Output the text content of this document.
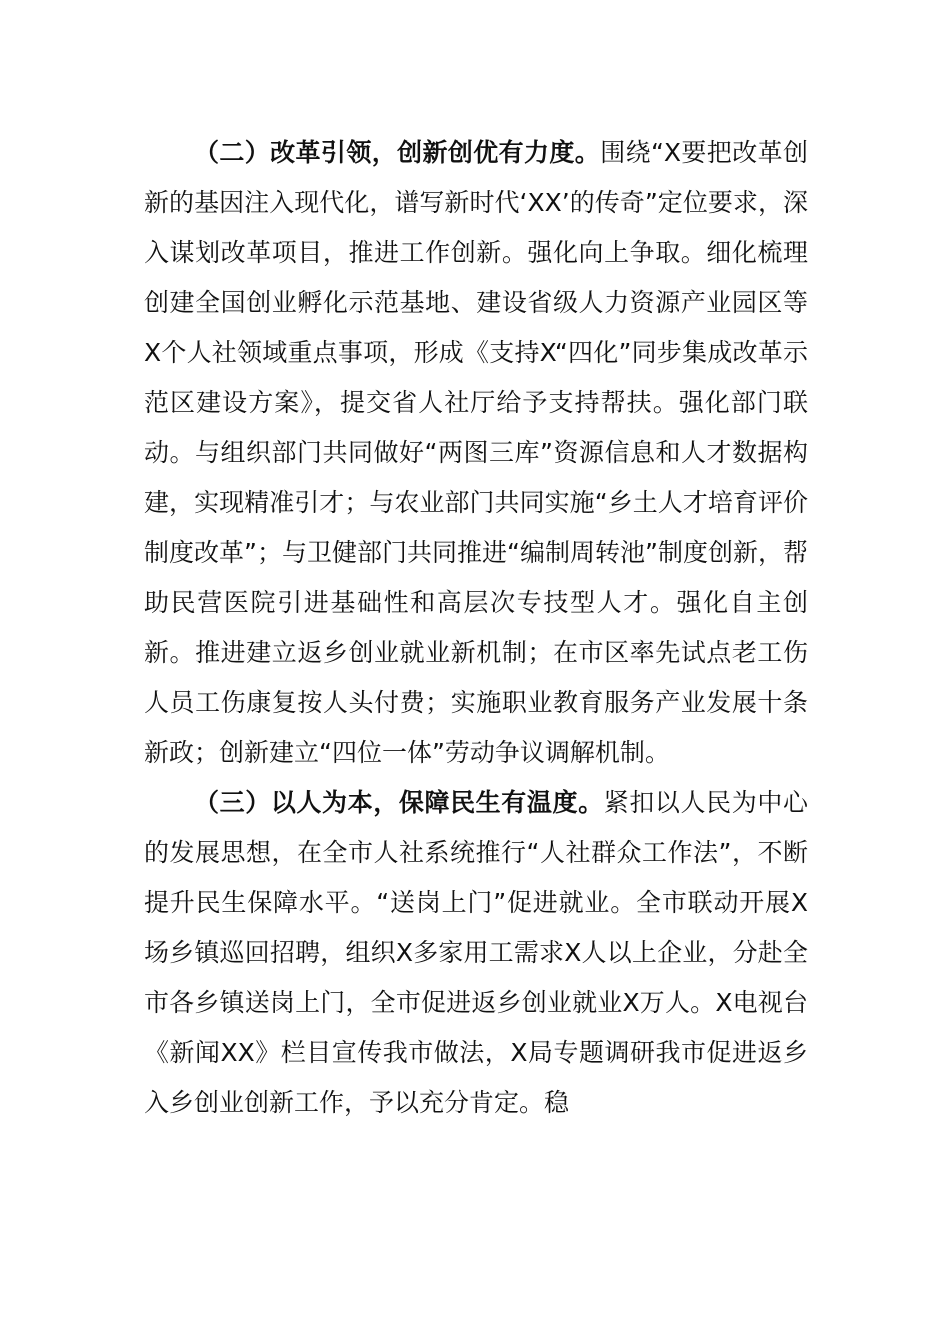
（二）改革引领，创新创优有力度。围绕“X要把改革创新的基因注入现代化，谱写新时代‘XX’的传奇”定位要求，深入谋划改革项目，推进工作创新。强化向上争取。细化梳理创建全国创业孵化示范基地、建设省级人力资源产业园区等X个人社领域重点事项，形成《支持X“四化”同步集成改革示范区建设方案》，提交省人社厅给予支持帮扶。强化部门联动。与组织部门共同做好“两图三库”资源信息和人才数据构建，实现精准引才；与农业部门共同实施“乡土人才培育评价制度改革”；与卫健部门共同推进“编制周转池”制度创新，帮助民营医院引进基础性和高层次专技型人才。强化自主创新。推进建立返乡创业就业新机制；在市区率先试点老工伤人员工伤康复按人头付费；实施职业教育服务产业发展十条新政；创新建立“四位一体”劳动争议调解机制。

（三）以人为本，保障民生有温度。紧扣以人民为中心的发展思想，在全市人社系统推行“人社群众工作法”，不断提升民生保障水平。“送岗上门”促进就业。全市联动开展X场乡镇巡回招聘，组织X多家用工需求X人以上企业，分赴全市各乡镇送岗上门，全市促进返乡创业就业X万人。X电视台《新闻XX》栏目宣传我市做法，X局专题调研我市促进返乡入乡创业创新工作，予以充分肯定。稳
